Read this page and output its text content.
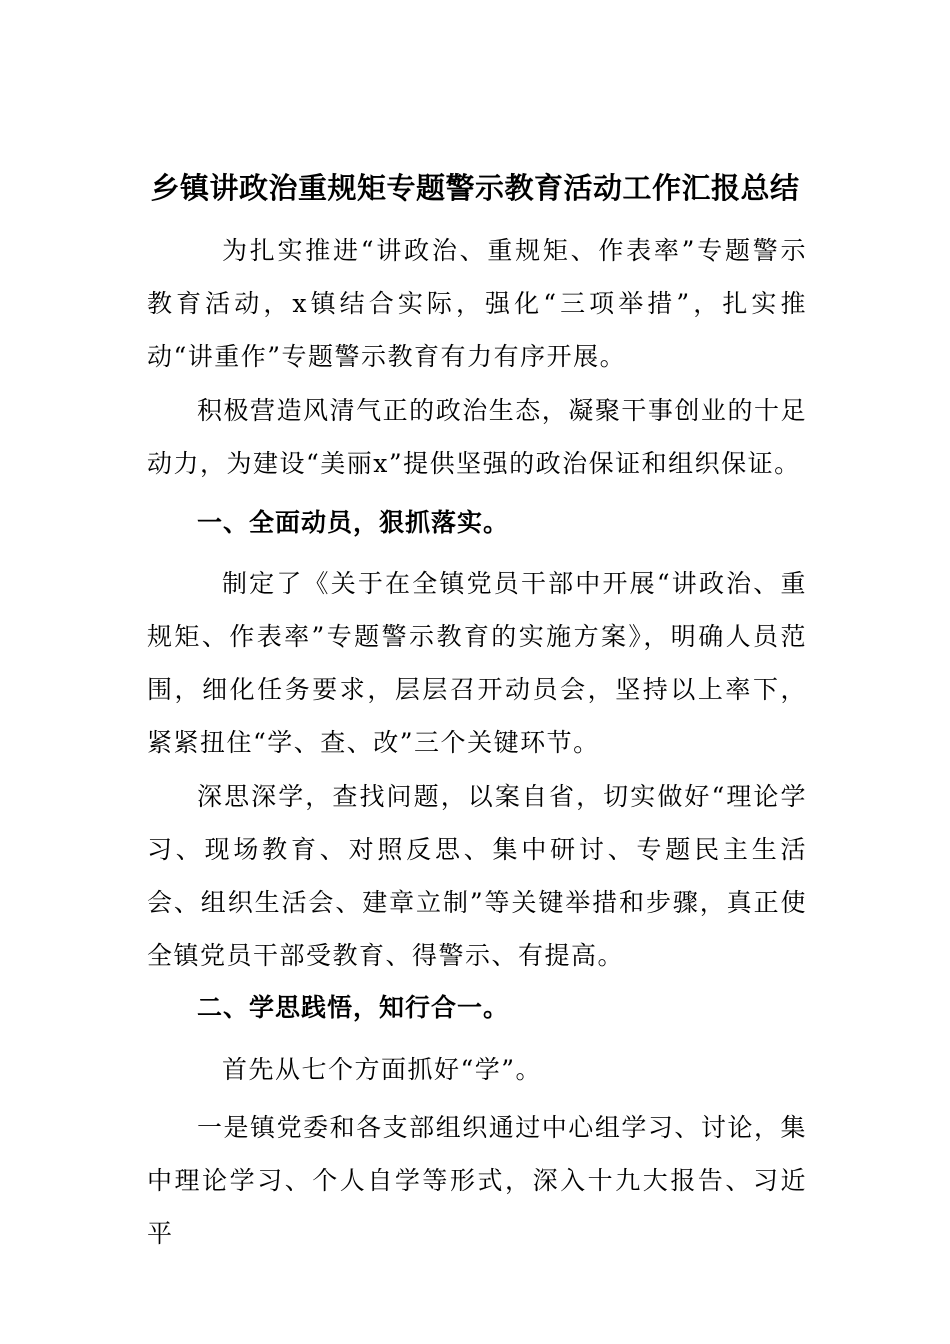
乡镇讲政治重规矩专题警示教育活动工作汇报总结

为扎实推进“讲政治、重规矩、作表率”专题警示教育活动，x镇结合实际，强化“三项举措”，扎实推动“讲重作”专题警示教育有力有序开展。

积极营造风清气正的政治生态，凝聚干事创业的十足动力，为建设“美丽x”提供坚强的政治保证和组织保证。

一、全面动员，狠抓落实。

制定了《关于在全镇党员干部中开展“讲政治、重规矩、作表率”专题警示教育的实施方案》，明确人员范围，细化任务要求，层层召开动员会，坚持以上率下，紧紧扭住“学、查、改”三个关键环节。

深思深学，查找问题，以案自省，切实做好“理论学习、现场教育、对照反思、集中研讨、专题民主生活会、组织生活会、建章立制”等关键举措和步骤，真正使全镇党员干部受教育、得警示、有提高。

二、学思践悟，知行合一。

首先从七个方面抓好“学”。

一是镇党委和各支部组织通过中心组学习、讨论，集中理论学习、个人自学等形式，深入十九大报告、习近平
